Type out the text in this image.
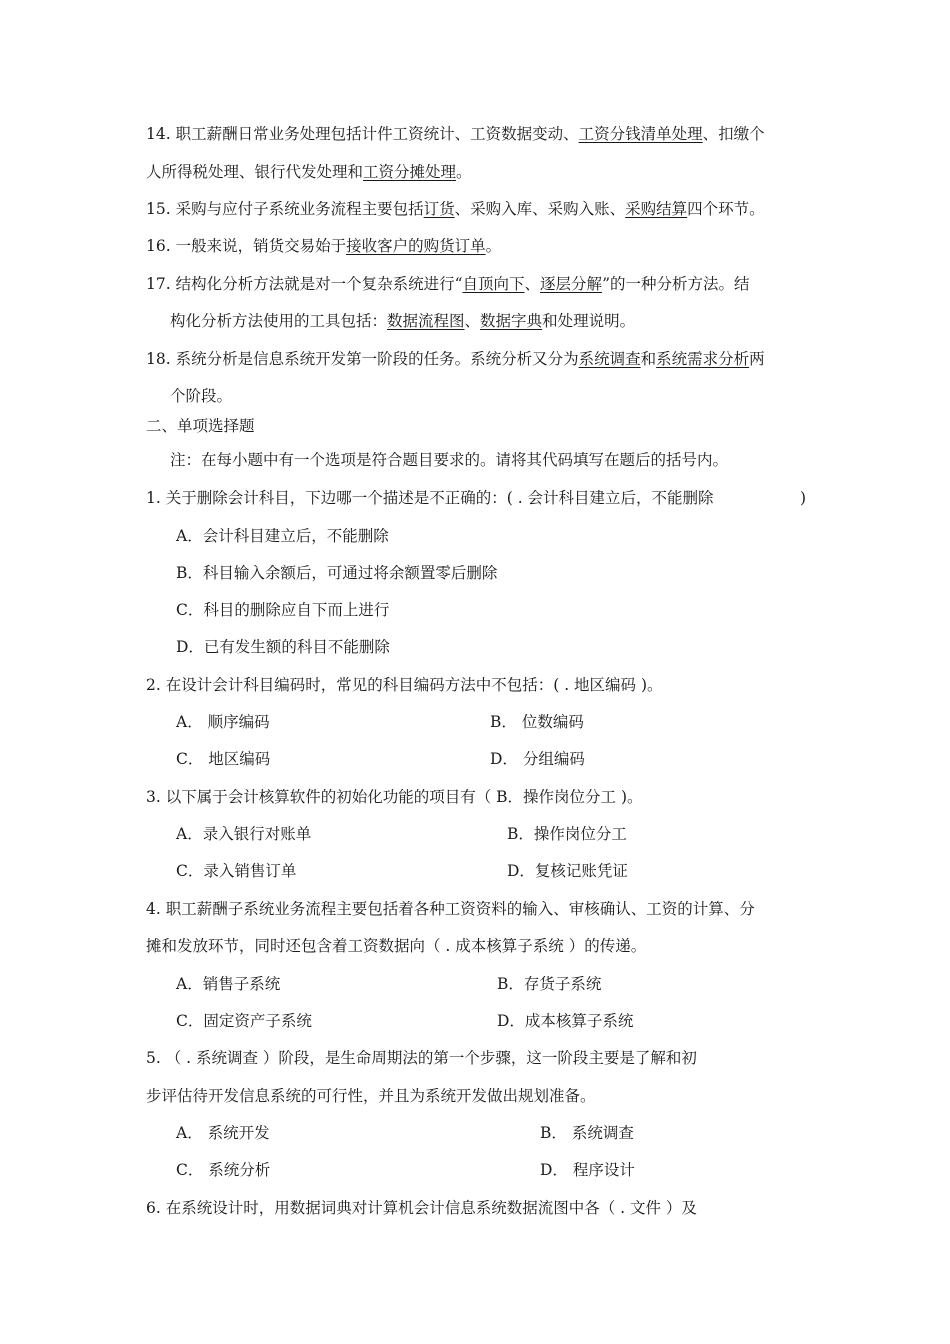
14. 职工薪酬日常业务处理包括计件工资统计、工资数据变动、工资分钱清单处理、扣缴个
人所得税处理、银行代发处理和工资分摊处理。
15. 采购与应付子系统业务流程主要包括订货、采购入库、采购入账、采购结算四个环节。
16. 一般来说，销货交易始于接收客户的购货订单。
17. 结构化分析方法就是对一个复杂系统进行“自顶向下、逐层分解”的一种分析方法。结
构化分析方法使用的工具包括：数据流程图、数据字典和处理说明。
18. 系统分析是信息系统开发第一阶段的任务。系统分析又分为系统调查和系统需求分析两
个阶段。
二、单项选择题
注：在每小题中有一个选项是符合题目要求的。请将其代码填写在题后的括号内。
1. 关于删除会计科目，下边哪一个描述是不正确的：( . 会计科目建立后，不能删除	)
A．会计科目建立后，不能删除
B．科目输入余额后，可通过将余额置零后删除
C．科目的删除应自下而上进行
D．已有发生额的科目不能删除
2. 在设计会计科目编码时，常见的科目编码方法中不包括：( . 地区编码 )。
A． 顺序编码	B． 位数编码
C． 地区编码	D． 分组编码
3. 以下属于会计核算软件的初始化功能的项目有（ B．操作岗位分工 )。
A．录入银行对账单	B．操作岗位分工
C．录入销售订单	D．复核记账凭证
4. 职工薪酬子系统业务流程主要包括着各种工资资料的输入、审核确认、工资的计算、分
摊和发放环节，同时还包含着工资数据向（ . 成本核算子系统 ）的传递。
A．销售子系统	B．存货子系统
C．固定资产子系统	D．成本核算子系统
5. （ . 系统调查 ）阶段，是生命周期法的第一个步骤，这一阶段主要是了解和初
步评估待开发信息系统的可行性，并且为系统开发做出规划准备。
A． 系统开发	B． 系统调查
C． 系统分析	D． 程序设计
6. 在系统设计时，用数据词典对计算机会计信息系统数据流图中各（ . 文件 ）及
